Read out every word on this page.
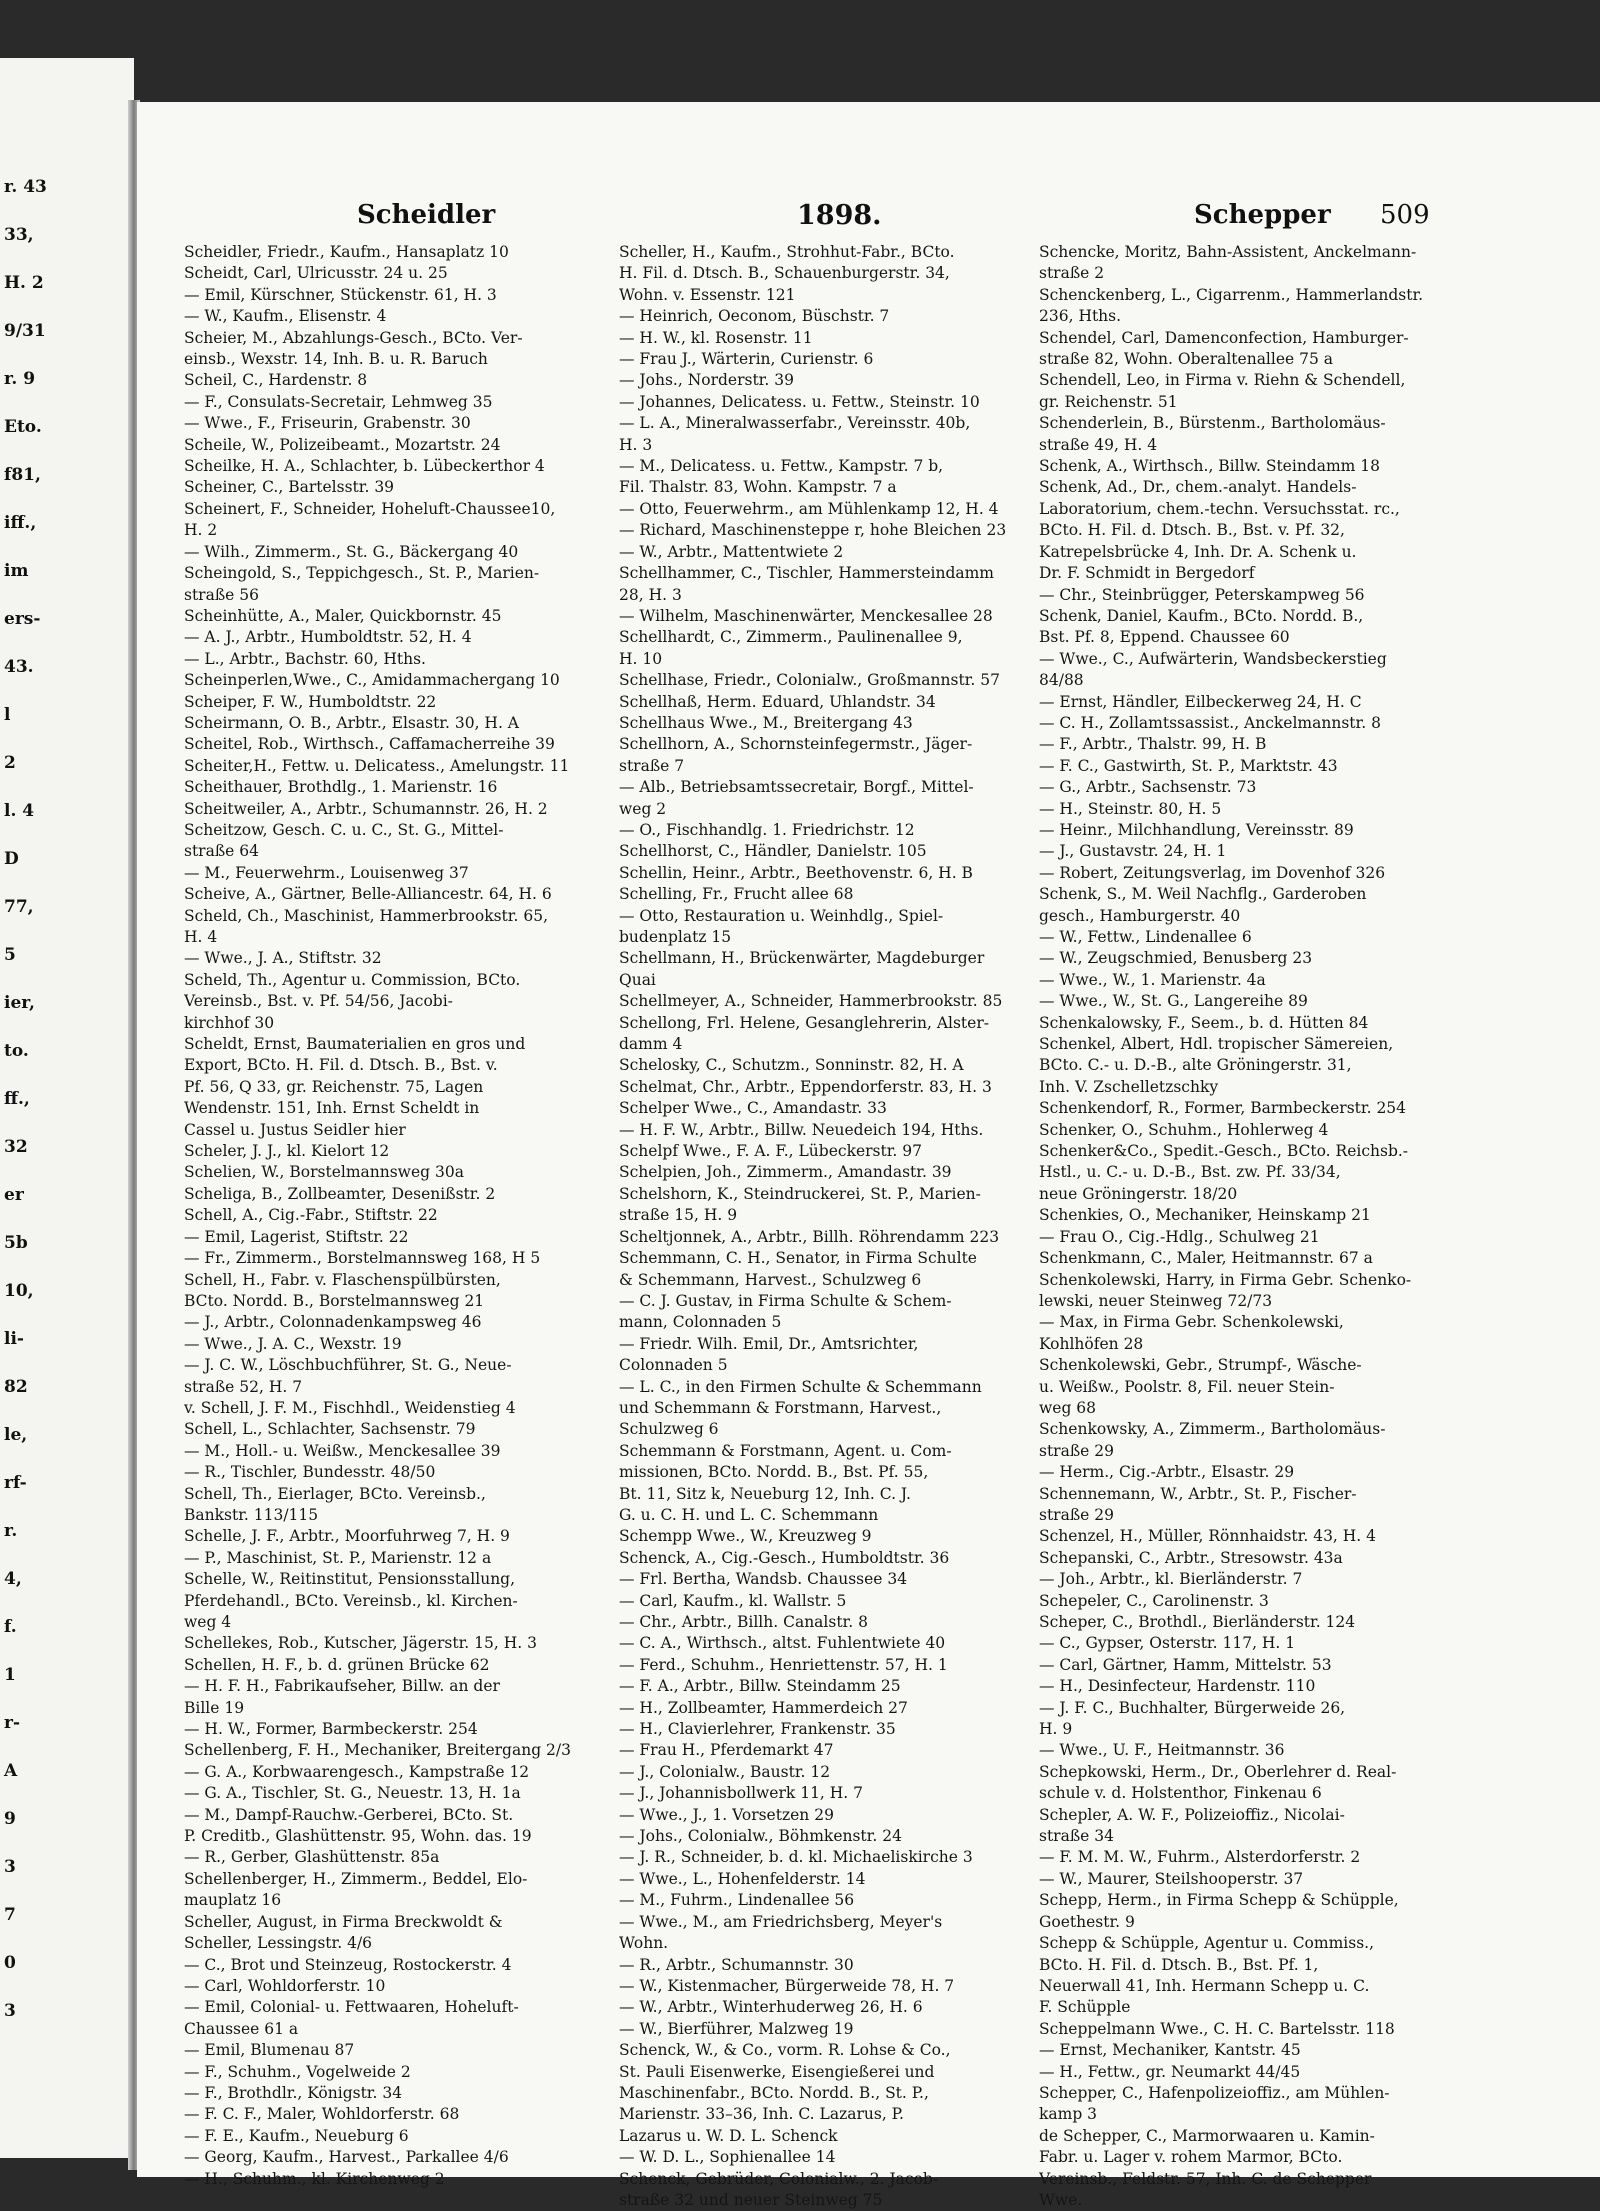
r. 43
33,
H. 2
9/31
r. 9
Eto.
f81,
iff.,
im
ers-
43.
l
2
l. 4
D
77,
5
ier,
to.
ff.,
32
er
5b
10,
li-
82
le,
rf-
r.
4,
f.
1
r-
A
9
3
7
0
3
Scheidler	1898.	Schepper 509
Scheidler, Friedr., Kaufm., Hansaplatz 10
Scheidt, Carl, Ulricusstr. 24 u. 25
— Emil, Kürschner, Stückenstr. 61, H. 3
— W., Kaufm., Elisenstr. 4
Scheier, M., Abzahlungs-Gesch., BCto. Ver-
einsb., Wexstr. 14, Inh. B. u. R. Baruch
Scheil, C., Hardenstr. 8
— F., Consulats-Secretair, Lehmweg 35
— Wwe., F., Friseurin, Grabenstr. 30
Scheile, W., Polizeibeamt., Mozartstr. 24
Scheilke, H. A., Schlachter, b. Lübeckerthor 4
Scheiner, C., Bartelsstr. 39
Scheinert, F., Schneider, Hoheluft-Chaussee10,
H. 2
— Wilh., Zimmerm., St. G., Bäckergang 40
Scheingold, S., Teppichgesch., St. P., Marien-
straße 56
Scheinhütte, A., Maler, Quickbornstr. 45
— A. J., Arbtr., Humboldtstr. 52, H. 4
— L., Arbtr., Bachstr. 60, Hths.
Scheinperlen,Wwe., C., Amidammachergang 10
Scheiper, F. W., Humboldtstr. 22
Scheirmann, O. B., Arbtr., Elsastr. 30, H. A
Scheitel, Rob., Wirthsch., Caffamacherreihe 39
Scheiter,H., Fettw. u. Delicatess., Amelungstr. 11
Scheithauer, Brothdlg., 1. Marienstr. 16
Scheitweiler, A., Arbtr., Schumannstr. 26, H. 2
Scheitzow, Gesch. C. u. C., St. G., Mittel-
straße 64
— M., Feuerwehrm., Louisenweg 37
Scheive, A., Gärtner, Belle-Alliancestr. 64, H. 6
Scheld, Ch., Maschinist, Hammerbrookstr. 65,
H. 4
— Wwe., J. A., Stiftstr. 32
Scheld, Th., Agentur u. Commission, BCto.
Vereinsb., Bst. v. Pf. 54/56, Jacobi-
kirchhof 30
Scheldt, Ernst, Baumaterialien en gros und
Export, BCto. H. Fil. d. Dtsch. B., Bst. v.
Pf. 56, Q 33, gr. Reichenstr. 75, Lagen
Wendenstr. 151, Inh. Ernst Scheldt in
Cassel u. Justus Seidler hier
Scheler, J. J., kl. Kielort 12
Schelien, W., Borstelmannsweg 30a
Scheliga, B., Zollbeamter, Desenißstr. 2
Schell, A., Cig.-Fabr., Stiftstr. 22
— Emil, Lagerist, Stiftstr. 22
— Fr., Zimmerm., Borstelmannsweg 168, H 5
Schell, H., Fabr. v. Flaschenspülbürsten,
BCto. Nordd. B., Borstelmannsweg 21
— J., Arbtr., Colonnadenkampsweg 46
— Wwe., J. A. C., Wexstr. 19
— J. C. W., Löschbuchführer, St. G., Neue-
straße 52, H. 7
v. Schell, J. F. M., Fischhdl., Weidenstieg 4
Schell, L., Schlachter, Sachsenstr. 79
— M., Holl.- u. Weißw., Menckesallee 39
— R., Tischler, Bundesstr. 48/50
Schell, Th., Eierlager, BCto. Vereinsb.,
Bankstr. 113/115
Schelle, J. F., Arbtr., Moorfuhrweg 7, H. 9
— P., Maschinist, St. P., Marienstr. 12 a
Schelle, W., Reitinstitut, Pensionsstallung,
Pferdehandl., BCto. Vereinsb., kl. Kirchen-
weg 4
Schellekes, Rob., Kutscher, Jägerstr. 15, H. 3
Schellen, H. F., b. d. grünen Brücke 62
— H. F. H., Fabrikaufseher, Billw. an der
Bille 19
— H. W., Former, Barmbeckerstr. 254
Schellenberg, F. H., Mechaniker, Breitergang 2/3
— G. A., Korbwaarengesch., Kampstraße 12
— G. A., Tischler, St. G., Neuestr. 13, H. 1a
— M., Dampf-Rauchw.-Gerberei, BCto. St.
P. Creditb., Glashüttenstr. 95, Wohn. das. 19
— R., Gerber, Glashüttenstr. 85a
Schellenberger, H., Zimmerm., Beddel, Elo-
mauplatz 16
Scheller, August, in Firma Breckwoldt &
Scheller, Lessingstr. 4/6
— C., Brot und Steinzeug, Rostockerstr. 4
— Carl, Wohldorferstr. 10
— Emil, Colonial- u. Fettwaaren, Hoheluft-
Chaussee 61 a
— Emil, Blumenau 87
— F., Schuhm., Vogelweide 2
— F., Brothdlr., Königstr. 34
— F. C. F., Maler, Wohldorferstr. 68
— F. E., Kaufm., Neueburg 6
— Georg, Kaufm., Harvest., Parkallee 4/6
— H., Schuhm., kl. Kirchenweg 2
Scheller, H., Kaufm., Strohhut-Fabr., BCto.
H. Fil. d. Dtsch. B., Schauenburgerstr. 34,
Wohn. v. Essenstr. 121
— Heinrich, Oeconom, Büschstr. 7
— H. W., kl. Rosenstr. 11
— Frau J., Wärterin, Curienstr. 6
— Johs., Norderstr. 39
— Johannes, Delicatess. u. Fettw., Steinstr. 10
— L. A., Mineralwasserfabr., Vereinsstr. 40b,
H. 3
— M., Delicatess. u. Fettw., Kampstr. 7 b,
Fil. Thalstr. 83, Wohn. Kampstr. 7 a
— Otto, Feuerwehrm., am Mühlenkamp 12, H. 4
— Richard, Maschinensteppe r, hohe Bleichen 23
— W., Arbtr., Mattentwiete 2
Schellhammer, C., Tischler, Hammersteindamm
28, H. 3
— Wilhelm, Maschinenwärter, Menckesallee 28
Schellhardt, C., Zimmerm., Paulinenallee 9,
H. 10
Schellhase, Friedr., Colonialw., Großmannstr. 57
Schellhaß, Herm. Eduard, Uhlandstr. 34
Schellhaus Wwe., M., Breitergang 43
Schellhorn, A., Schornsteinfegermstr., Jäger-
straße 7
— Alb., Betriebsamtssecretair, Borgf., Mittel-
weg 2
— O., Fischhandlg. 1. Friedrichstr. 12
Schellhorst, C., Händler, Danielstr. 105
Schellin, Heinr., Arbtr., Beethovenstr. 6, H. B
Schelling, Fr., Frucht allee 68
— Otto, Restauration u. Weinhdlg., Spiel-
budenplatz 15
Schellmann, H., Brückenwärter, Magdeburger
Quai
Schellmeyer, A., Schneider, Hammerbrookstr. 85
Schellong, Frl. Helene, Gesanglehrerin, Alster-
damm 4
Schelosky, C., Schutzm., Sonninstr. 82, H. A
Schelmat, Chr., Arbtr., Eppendorferstr. 83, H. 3
Schelper Wwe., C., Amandastr. 33
— H. F. W., Arbtr., Billw. Neuedeich 194, Hths.
Schelpf Wwe., F. A. F., Lübeckerstr. 97
Schelpien, Joh., Zimmerm., Amandastr. 39
Schelshorn, K., Steindruckerei, St. P., Marien-
straße 15, H. 9
Scheltjonnek, A., Arbtr., Billh. Röhrendamm 223
Schemmann, C. H., Senator, in Firma Schulte
& Schemmann, Harvest., Schulzweg 6
— C. J. Gustav, in Firma Schulte & Schem-
mann, Colonnaden 5
— Friedr. Wilh. Emil, Dr., Amtsrichter,
Colonnaden 5
— L. C., in den Firmen Schulte & Schemmann
und Schemmann & Forstmann, Harvest.,
Schulzweg 6
Schemmann & Forstmann, Agent. u. Com-
missionen, BCto. Nordd. B., Bst. Pf. 55,
Bt. 11, Sitz k, Neueburg 12, Inh. C. J.
G. u. C. H. und L. C. Schemmann
Schempp Wwe., W., Kreuzweg 9
Schenck, A., Cig.-Gesch., Humboldtstr. 36
— Frl. Bertha, Wandsb. Chaussee 34
— Carl, Kaufm., kl. Wallstr. 5
— Chr., Arbtr., Billh. Canalstr. 8
— C. A., Wirthsch., altst. Fuhlentwiete 40
— Ferd., Schuhm., Henriettenstr. 57, H. 1
— F. A., Arbtr., Billw. Steindamm 25
— H., Zollbeamter, Hammerdeich 27
— H., Clavierlehrer, Frankenstr. 35
— Frau H., Pferdemarkt 47
— J., Colonialw., Baustr. 12
— J., Johannisbollwerk 11, H. 7
— Wwe., J., 1. Vorsetzen 29
— Johs., Colonialw., Böhmkenstr. 24
— J. R., Schneider, b. d. kl. Michaeliskirche 3
— Wwe., L., Hohenfelderstr. 14
— M., Fuhrm., Lindenallee 56
— Wwe., M., am Friedrichsberg, Meyer's
Wohn.
— R., Arbtr., Schumannstr. 30
— W., Kistenmacher, Bürgerweide 78, H. 7
— W., Arbtr., Winterhuderweg 26, H. 6
— W., Bierführer, Malzweg 19
Schenck, W., & Co., vorm. R. Lohse & Co.,
St. Pauli Eisenwerke, Eisengießerei und
Maschinenfabr., BCto. Nordd. B., St. P.,
Marienstr. 33–36, Inh. C. Lazarus, P.
Lazarus u. W. D. L. Schenck
— W. D. L., Sophienallee 14
Schenck, Gebrüder, Colonialw., 2. Jacob-
straße 32 und neuer Steinweg 75
Schencke, Moritz, Bahn-Assistent, Anckelmann-
straße 2
Schenckenberg, L., Cigarrenm., Hammerlandstr.
236, Hths.
Schendel, Carl, Damenconfection, Hamburger-
straße 82, Wohn. Oberaltenallee 75 a
Schendell, Leo, in Firma v. Riehn & Schendell,
gr. Reichenstr. 51
Schenderlein, B., Bürstenm., Bartholomäus-
straße 49, H. 4
Schenk, A., Wirthsch., Billw. Steindamm 18
Schenk, Ad., Dr., chem.-analyt. Handels-
Laboratorium, chem.-techn. Versuchsstat. rc.,
BCto. H. Fil. d. Dtsch. B., Bst. v. Pf. 32,
Katrepelsbrücke 4, Inh. Dr. A. Schenk u.
Dr. F. Schmidt in Bergedorf
— Chr., Steinbrügger, Peterskampweg 56
Schenk, Daniel, Kaufm., BCto. Nordd. B.,
Bst. Pf. 8, Eppend. Chaussee 60
— Wwe., C., Aufwärterin, Wandsbeckerstieg
84/88
— Ernst, Händler, Eilbeckerweg 24, H. C
— C. H., Zollamtssassist., Anckelmannstr. 8
— F., Arbtr., Thalstr. 99, H. B
— F. C., Gastwirth, St. P., Marktstr. 43
— G., Arbtr., Sachsenstr. 73
— H., Steinstr. 80, H. 5
— Heinr., Milchhandlung, Vereinsstr. 89
— J., Gustavstr. 24, H. 1
— Robert, Zeitungsverlag, im Dovenhof 326
Schenk, S., M. Weil Nachflg., Garderoben
gesch., Hamburgerstr. 40
— W., Fettw., Lindenallee 6
— W., Zeugschmied, Benusberg 23
— Wwe., W., 1. Marienstr. 4a
— Wwe., W., St. G., Langereihe 89
Schenkalowsky, F., Seem., b. d. Hütten 84
Schenkel, Albert, Hdl. tropischer Sämereien,
BCto. C.- u. D.-B., alte Gröningerstr. 31,
Inh. V. Zschelletzschky
Schenkendorf, R., Former, Barmbeckerstr. 254
Schenker, O., Schuhm., Hohlerweg 4
Schenker&Co., Spedit.-Gesch., BCto. Reichsb.-
Hstl., u. C.- u. D.-B., Bst. zw. Pf. 33/34,
neue Gröningerstr. 18/20
Schenkies, O., Mechaniker, Heinskamp 21
— Frau O., Cig.-Hdlg., Schulweg 21
Schenkmann, C., Maler, Heitmannstr. 67 a
Schenkolewski, Harry, in Firma Gebr. Schenko-
lewski, neuer Steinweg 72/73
— Max, in Firma Gebr. Schenkolewski,
Kohlhöfen 28
Schenkolewski, Gebr., Strumpf-, Wäsche-
u. Weißw., Poolstr. 8, Fil. neuer Stein-
weg 68
Schenkowsky, A., Zimmerm., Bartholomäus-
straße 29
— Herm., Cig.-Arbtr., Elsastr. 29
Schennemann, W., Arbtr., St. P., Fischer-
straße 29
Schenzel, H., Müller, Rönnhaidstr. 43, H. 4
Schepanski, C., Arbtr., Stresowstr. 43a
— Joh., Arbtr., kl. Bierländerstr. 7
Schepeler, C., Carolinenstr. 3
Scheper, C., Brothdl., Bierländerstr. 124
— C., Gypser, Osterstr. 117, H. 1
— Carl, Gärtner, Hamm, Mittelstr. 53
— H., Desinfecteur, Hardenstr. 110
— J. F. C., Buchhalter, Bürgerweide 26,
H. 9
— Wwe., U. F., Heitmannstr. 36
Schepkowski, Herm., Dr., Oberlehrer d. Real-
schule v. d. Holstenthor, Finkenau 6
Schepler, A. W. F., Polizeioffiz., Nicolai-
straße 34
— F. M. M. W., Fuhrm., Alsterdorferstr. 2
— W., Maurer, Steilshooperstr. 37
Schepp, Herm., in Firma Schepp & Schüpple,
Goethestr. 9
Schepp & Schüpple, Agentur u. Commiss.,
BCto. H. Fil. d. Dtsch. B., Bst. Pf. 1,
Neuerwall 41, Inh. Hermann Schepp u. C.
F. Schüpple
Scheppelmann Wwe., C. H. C. Bartelsstr. 118
— Ernst, Mechaniker, Kantstr. 45
— H., Fettw., gr. Neumarkt 44/45
Schepper, C., Hafenpolizeioffiz., am Mühlen-
kamp 3
de Schepper, C., Marmorwaaren u. Kamin-
Fabr. u. Lager v. rohem Marmor, BCto.
Vereinsb., Feldstr. 57, Inh. C. de Schepper
Wwe.
